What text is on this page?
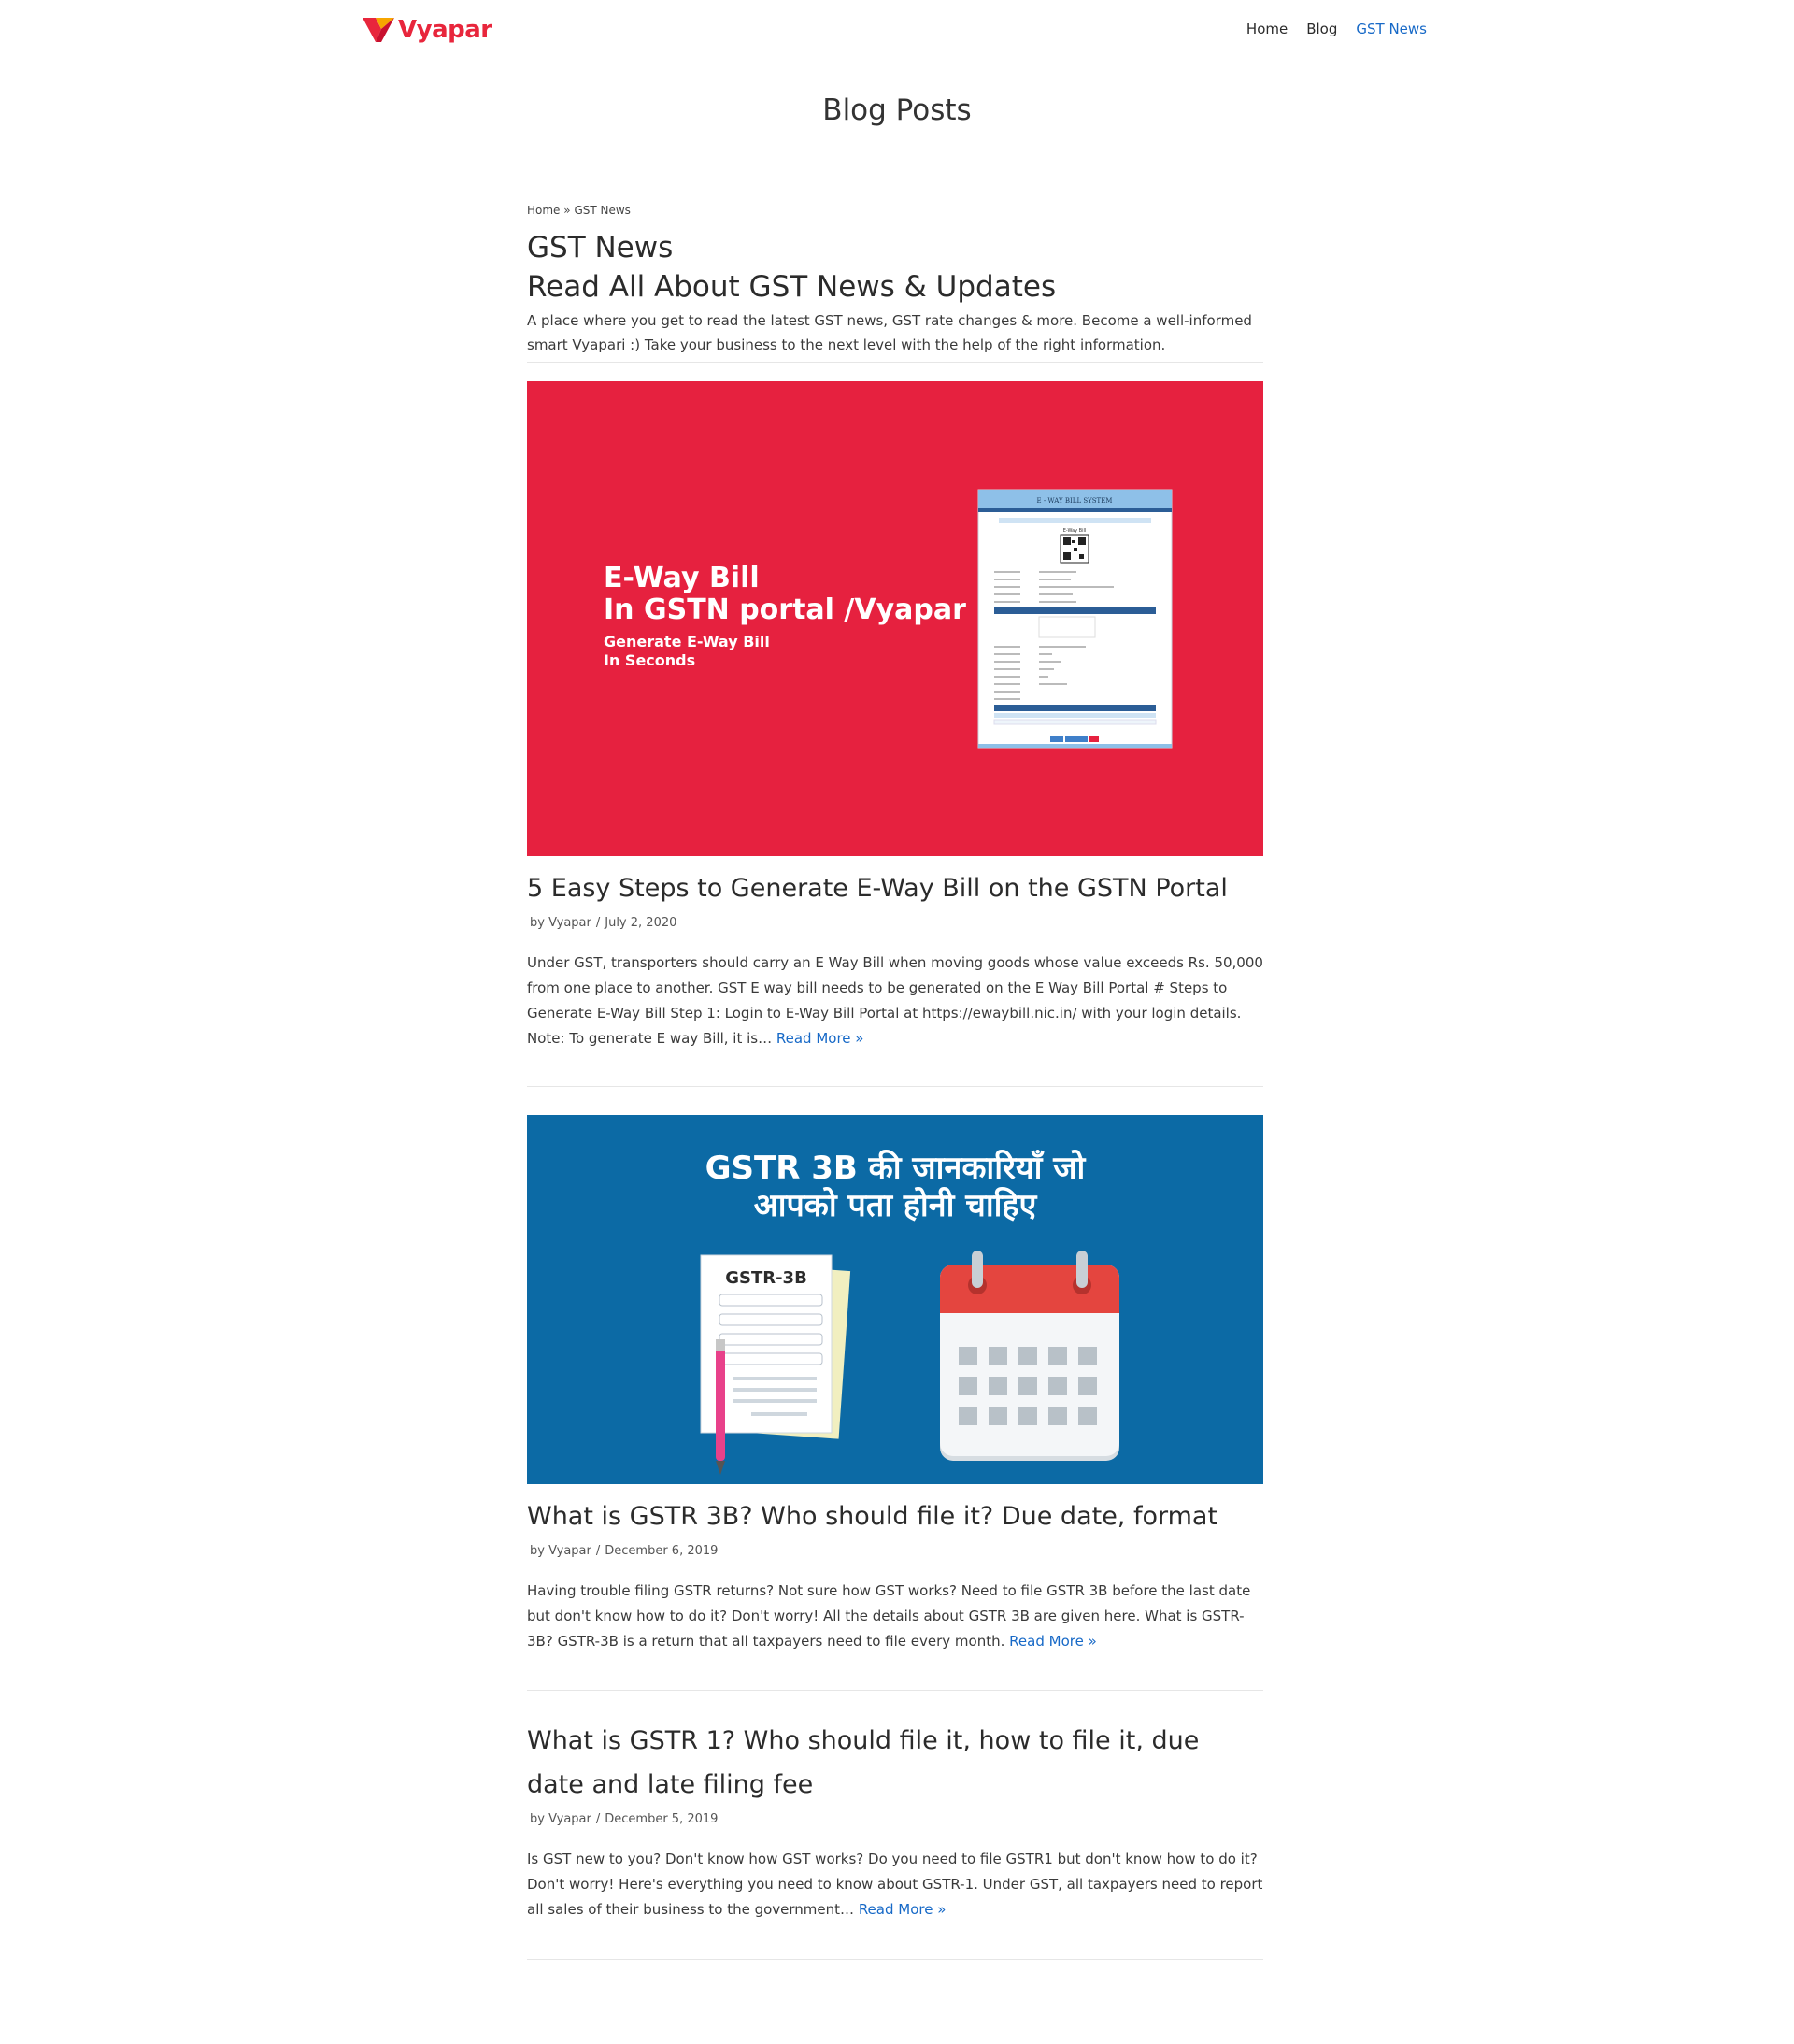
Vyapar	Home Blog GST News
Blog Posts
Home » GST News
GST News
Read All About GST News & Updates

A place where you get to read the latest GST news, GST rate changes & more. Become a well-informed smart Vyapari :) Take your business to the next level with the help of the right information.

E-Way Bill
In GSTN portal /Vyapar
Generate E-Way Bill
In Seconds
E - WAY BILL SYSTEM
E-Way Bill
5 Easy Steps to Generate E-Way Bill on the GSTN Portal
by Vyapar / July 2, 2020

Under GST, transporters should carry an E Way Bill when moving goods whose value exceeds Rs. 50,000 from one place to another. GST E way bill needs to be generated on the E Way Bill Portal # Steps to Generate E-Way Bill Step 1: Login to E-Way Bill Portal at https://ewaybill.nic.in/ with your login details. Note: To generate E way Bill, it is… Read More »

GSTR 3B की जानकारियाँ जो
आपको पता होनी चाहिए
GSTR-3B
What is GSTR 3B? Who should file it? Due date, format
by Vyapar / December 6, 2019

Having trouble filing GSTR returns? Not sure how GST works? Need to file GSTR 3B before the last date but don't know how to do it? Don't worry! All the details about GSTR 3B are given here. What is GSTR-3B? GSTR-3B is a return that all taxpayers need to file every month. Read More »

What is GSTR 1? Who should file it, how to file it, due date and late filing fee
by Vyapar / December 5, 2019

Is GST new to you? Don't know how GST works? Do you need to file GSTR1 but don't know how to do it? Don't worry! Here's everything you need to know about GSTR-1. Under GST, all taxpayers need to report all sales of their business to the government… Read More »
